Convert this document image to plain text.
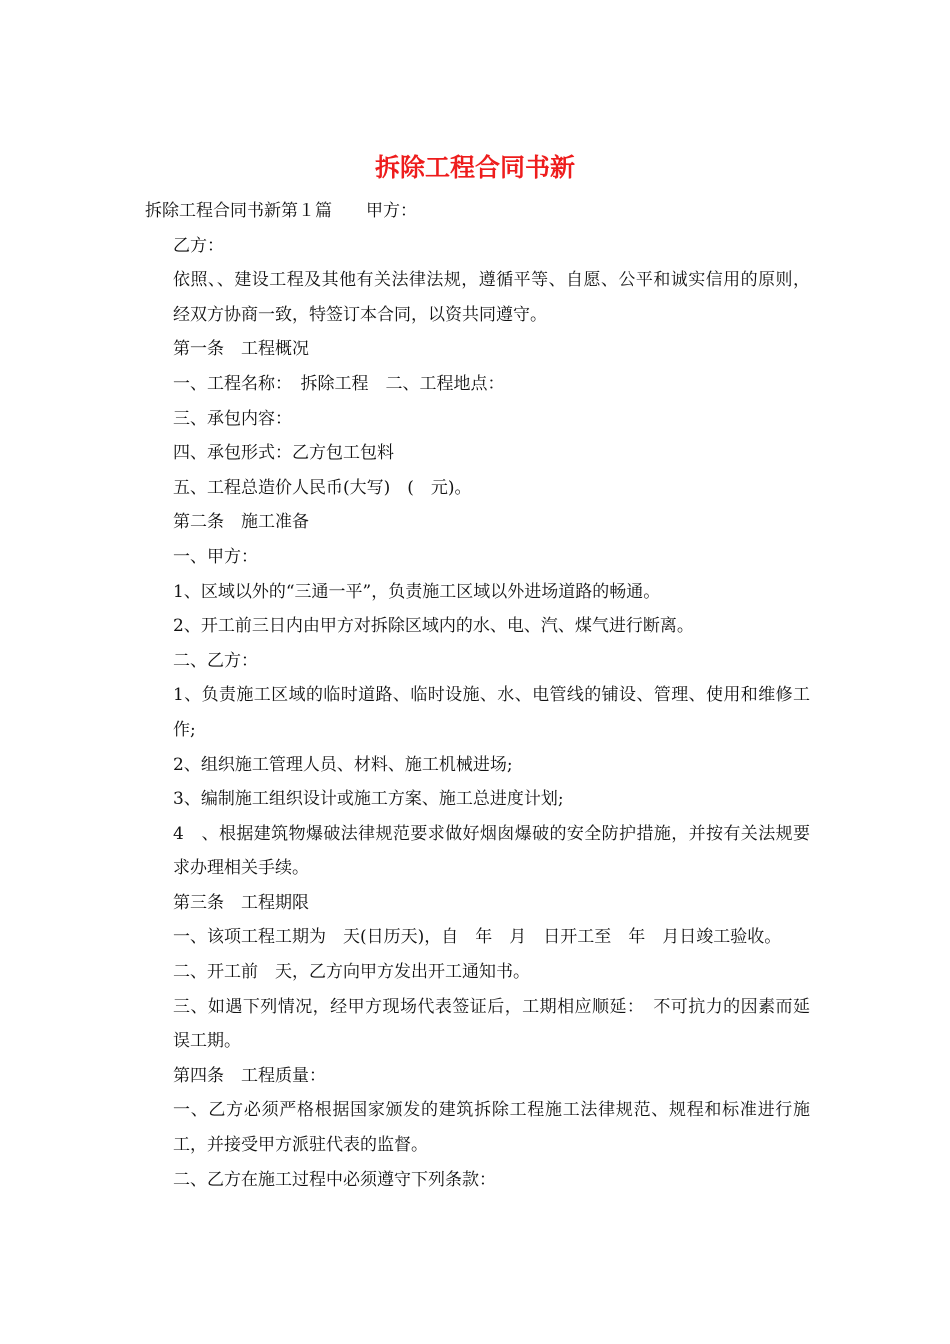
拆除工程合同书新

拆除工程合同书新第１篇　　甲方：

乙方：

依照、、建设工程及其他有关法律法规，遵循平等、自愿、公平和诚实信用的原则，经双方协商一致，特签订本合同，以资共同遵守。

第一条　工程概况

一、工程名称：　拆除工程　二、工程地点：

三、承包内容：

四、承包形式：乙方包工包料

五、工程总造价人民币(大写)　(　元)。

第二条　施工准备

一、甲方：

1、区域以外的“三通一平”，负责施工区域以外进场道路的畅通。

2、开工前三日内由甲方对拆除区域内的水、电、汽、煤气进行断离。

二、乙方：

1、负责施工区域的临时道路、临时设施、水、电管线的铺设、管理、使用和维修工作;

2、组织施工管理人员、材料、施工机械进场;

3、编制施工组织设计或施工方案、施工总进度计划;

4　、根据建筑物爆破法律规范要求做好烟囱爆破的安全防护措施，并按有关法规要求办理相关手续。

第三条　工程期限

一、该项工程工期为　天(日历天)，自　年　月　日开工至　年　月日竣工验收。

二、开工前　天，乙方向甲方发出开工通知书。

三、如遇下列情况，经甲方现场代表签证后，工期相应顺延：　不可抗力的因素而延误工期。

第四条　工程质量：

一、乙方必须严格根据国家颁发的建筑拆除工程施工法律规范、规程和标准进行施工，并接受甲方派驻代表的监督。

二、乙方在施工过程中必须遵守下列条款：
